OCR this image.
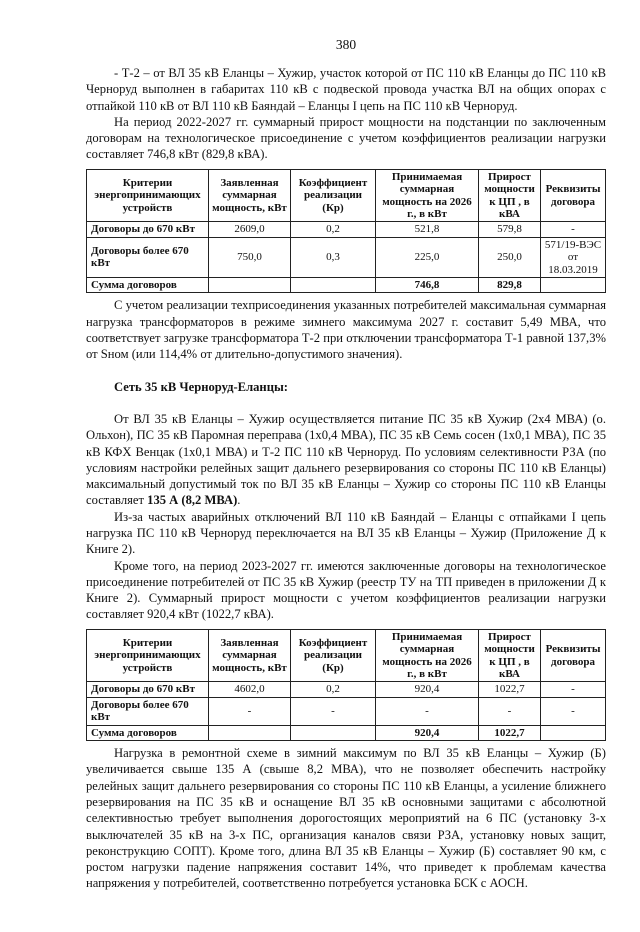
380

- Т-2 – от ВЛ 35 кВ Еланцы – Хужир, участок которой от ПС 110 кВ Еланцы до ПС 110 кВ Черноруд выполнен в габаритах 110 кВ с подвеской провода участка ВЛ на общих опорах с отпайкой 110 кВ от ВЛ 110 кВ Баяндай – Еланцы I цепь на ПС 110 кВ Черноруд.

На период 2022-2027 гг. суммарный прирост мощности на подстанции по заключенным договорам на технологическое присоединение с учетом коэффициентов реализации нагрузки составляет 746,8 кВт (829,8 кВА).

Критерии энергопринимающих устройств	Заявленная суммарная мощность, кВт	Коэффициент реализации (Кр)	Принимаемая суммарная мощность на 2026 г., в кВт	Прирост мощности к ЦП , в кВА	Реквизиты договора
Договоры до 670 кВт	2609,0	0,2	521,8	579,8	-
Договоры более 670 кВт	750,0	0,3	225,0	250,0	571/19-ВЭС от 18.03.2019
Сумма договоров			746,8	829,8	

С учетом реализации техприсоединения указанных потребителей максимальная суммарная нагрузка трансформаторов в режиме зимнего максимума 2027 г. составит 5,49 МВА, что соответствует загрузке трансформатора Т-2 при отключении трансформатора Т-1 равной 137,3% от Sном (или 114,4% от длительно-допустимого значения).

Сеть 35 кВ Черноруд-Еланцы:

От ВЛ 35 кВ Еланцы – Хужир осуществляется питание ПС 35 кВ Хужир (2х4 МВА) (о. Ольхон), ПС 35 кВ Паромная переправа (1х0,4 МВА), ПС 35 кВ Семь сосен (1х0,1 МВА), ПС 35 кВ КФХ Венцак (1х0,1 МВА) и Т-2 ПС 110 кВ Черноруд. По условиям селективности РЗА (по условиям настройки релейных защит дальнего резервирования со стороны ПС 110 кВ Еланцы) максимальный допустимый ток по ВЛ 35 кВ Еланцы – Хужир со стороны ПС 110 кВ Еланцы составляет 135 А (8,2 МВА).

Из-за частых аварийных отключений ВЛ 110 кВ Баяндай – Еланцы с отпайками I цепь нагрузка ПС 110 кВ Черноруд переключается на ВЛ 35 кВ Еланцы – Хужир (Приложение Д к Книге 2).

Кроме того, на период 2023-2027 гг. имеются заключенные договоры на технологическое присоединение потребителей от ПС 35 кВ Хужир (реестр ТУ на ТП приведен в приложении Д к Книге 2). Суммарный прирост мощности с учетом коэффициентов реализации нагрузки составляет 920,4 кВт (1022,7 кВА).

Критерии энергопринимающих устройств	Заявленная суммарная мощность, кВт	Коэффициент реализации (Кр)	Принимаемая суммарная мощность на 2026 г., в кВт	Прирост мощности к ЦП , в кВА	Реквизиты договора
Договоры до 670 кВт	4602,0	0,2	920,4	1022,7	-
Договоры более 670 кВт	-	-	-	-	-
Сумма договоров			920,4	1022,7	

Нагрузка в ремонтной схеме в зимний максимум по ВЛ 35 кВ Еланцы – Хужир (Б) увеличивается свыше 135 А (свыше 8,2 МВА), что не позволяет обеспечить настройку релейных защит дальнего резервирования со стороны ПС 110 кВ Еланцы, а усиление ближнего резервирования на ПС 35 кВ и оснащение ВЛ 35 кВ основными защитами с абсолютной селективностью требует выполнения дорогостоящих мероприятий на 6 ПС (установку 3-х выключателей 35 кВ на 3-х ПС, организация каналов связи РЗА, установку новых защит, реконструкцию СОПТ). Кроме того, длина ВЛ 35 кВ Еланцы – Хужир (Б) составляет 90 км, с ростом нагрузки падение напряжения составит 14%, что приведет к проблемам качества напряжения у потребителей, соответственно потребуется установка БСК с АОСН.
